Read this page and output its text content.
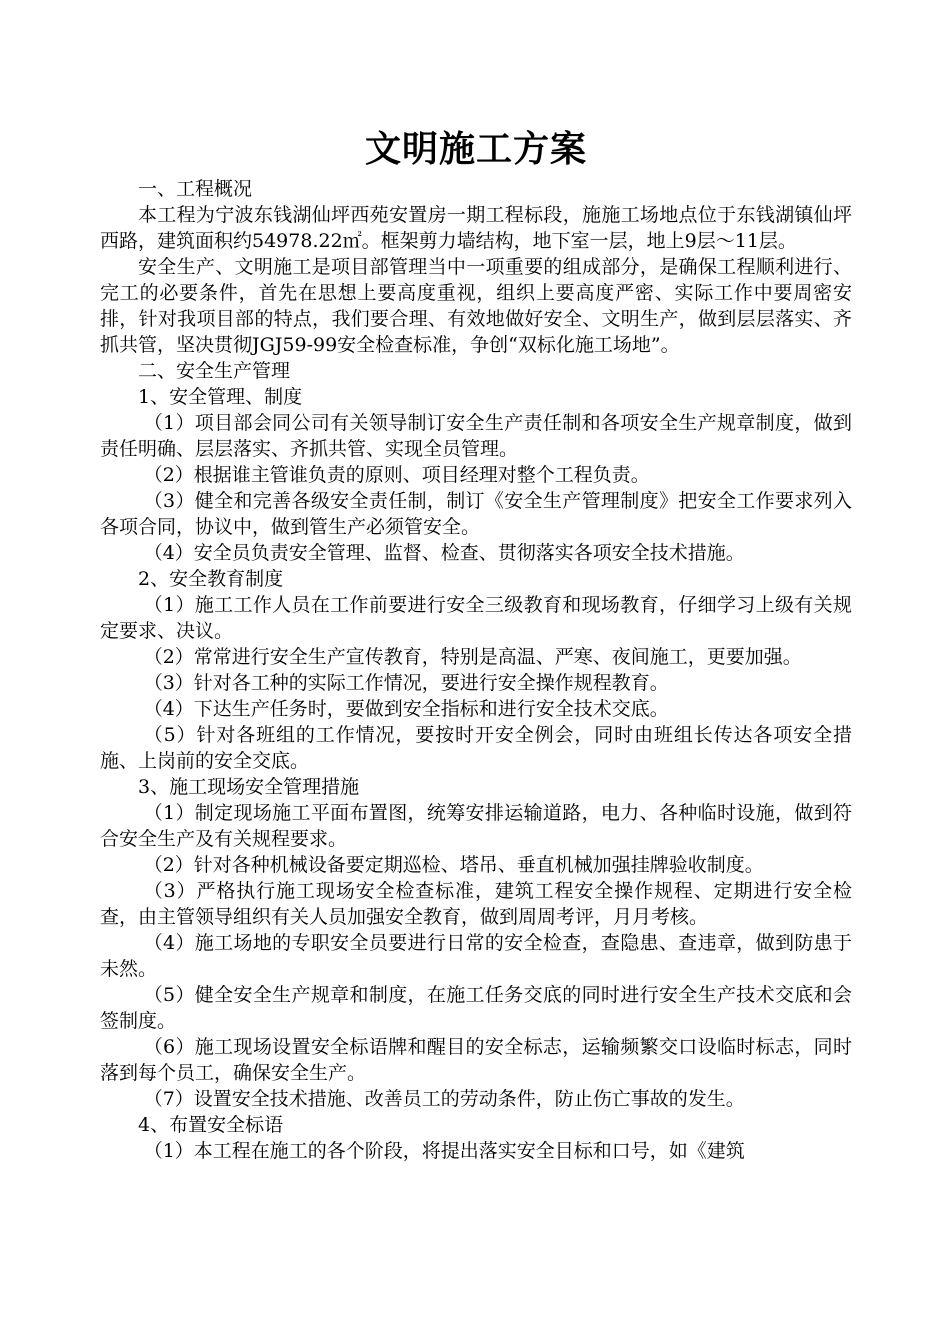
文明施工方案

一、工程概况

本工程为宁波东钱湖仙坪西苑安置房一期工程标段，施施工场地点位于东钱湖镇仙坪西路，建筑面积约54978.22㎡。框架剪力墙结构，地下室一层，地上9层～11层。

安全生产、文明施工是项目部管理当中一项重要的组成部分，是确保工程顺利进行、完工的必要条件，首先在思想上要高度重视，组织上要高度严密、实际工作中要周密安排，针对我项目部的特点，我们要合理、有效地做好安全、文明生产，做到层层落实、齐抓共管，坚决贯彻JGJ59-99安全检查标准，争创“双标化施工场地”。

二、安全生产管理

1、安全管理、制度

（1）项目部会同公司有关领导制订安全生产责任制和各项安全生产规章制度，做到责任明确、层层落实、齐抓共管、实现全员管理。

（2）根据谁主管谁负责的原则、项目经理对整个工程负责。

（3）健全和完善各级安全责任制，制订《安全生产管理制度》把安全工作要求列入各项合同，协议中，做到管生产必须管安全。

（4）安全员负责安全管理、监督、检查、贯彻落实各项安全技术措施。

2、安全教育制度

（1）施工工作人员在工作前要进行安全三级教育和现场教育，仔细学习上级有关规定要求、决议。

（2）常常进行安全生产宣传教育，特别是高温、严寒、夜间施工，更要加强。

（3）针对各工种的实际工作情况，要进行安全操作规程教育。

（4）下达生产任务时，要做到安全指标和进行安全技术交底。

（5）针对各班组的工作情况，要按时开安全例会，同时由班组长传达各项安全措施、上岗前的安全交底。

3、施工现场安全管理措施

（1）制定现场施工平面布置图，统筹安排运输道路，电力、各种临时设施，做到符合安全生产及有关规程要求。

（2）针对各种机械设备要定期巡检、塔吊、垂直机械加强挂牌验收制度。

（3）严格执行施工现场安全检查标准，建筑工程安全操作规程、定期进行安全检查，由主管领导组织有关人员加强安全教育，做到周周考评，月月考核。

（4）施工场地的专职安全员要进行日常的安全检查，查隐患、查违章，做到防患于未然。

（5）健全安全生产规章和制度，在施工任务交底的同时进行安全生产技术交底和会签制度。

（6）施工现场设置安全标语牌和醒目的安全标志，运输频繁交口设临时标志，同时落到每个员工，确保安全生产。

（7）设置安全技术措施、改善员工的劳动条件，防止伤亡事故的发生。

4、布置安全标语

（1）本工程在施工的各个阶段，将提出落实安全目标和口号，如《建筑
